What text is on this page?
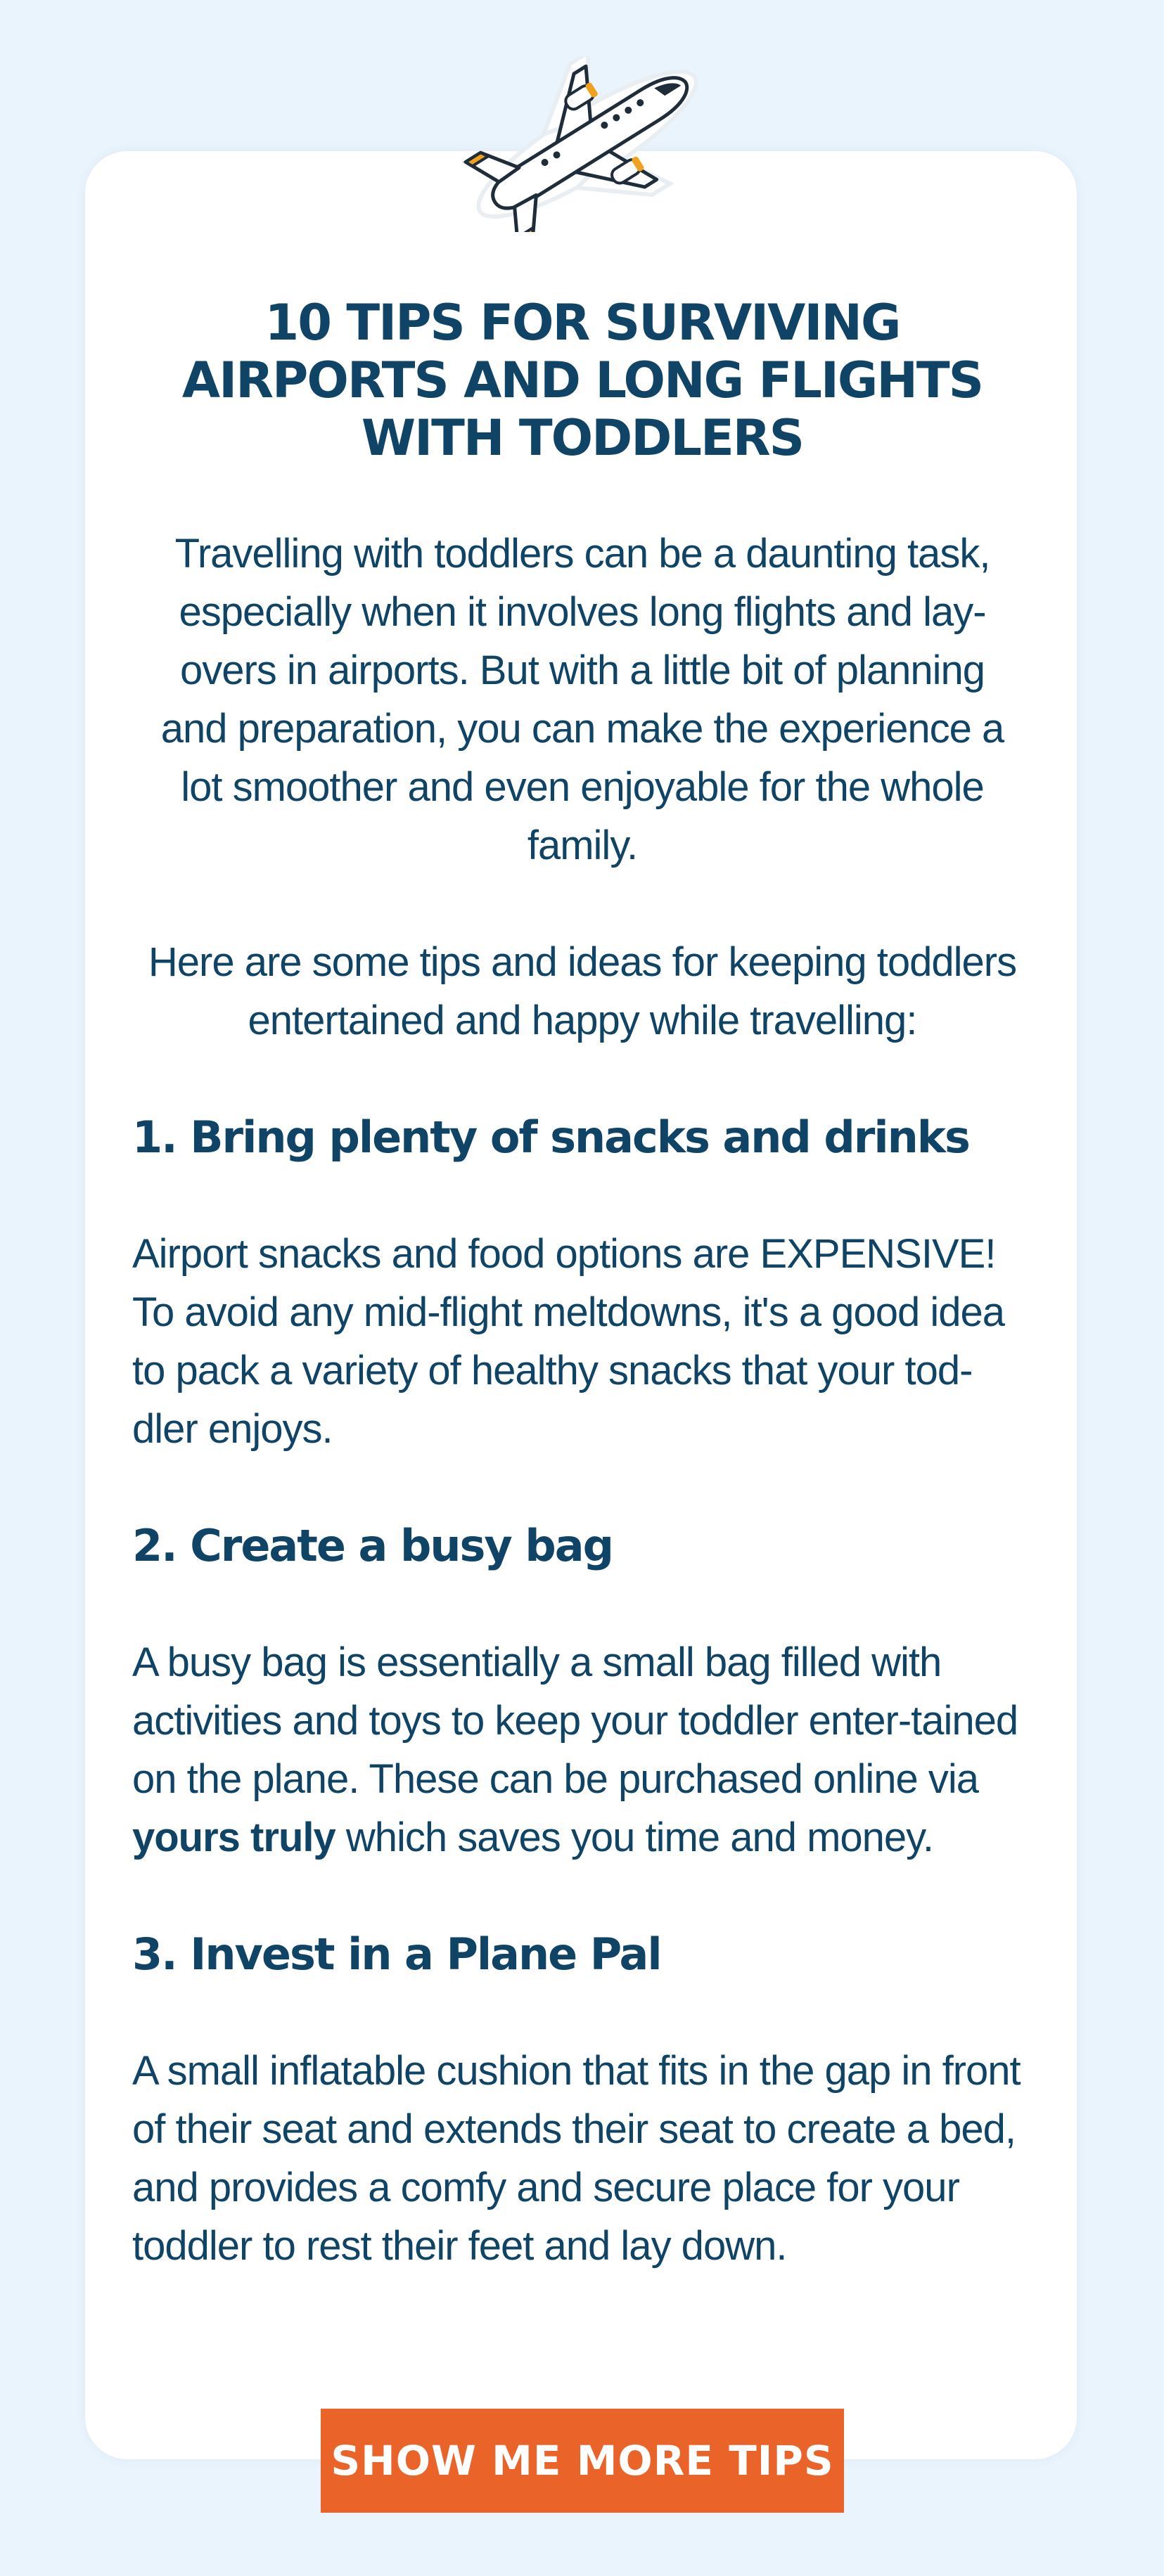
10 TIPS FOR SURVIVING AIRPORTS AND LONG FLIGHTS WITH TODDLERS

Travelling with toddlers can be a daunting task, especially when it involves long flights and lay-overs in airports. But with a little bit of planning and preparation, you can make the experience a lot smoother and even enjoyable for the whole family.

Here are some tips and ideas for keeping toddlers entertained and happy while travelling:

1. Bring plenty of snacks and drinks

Airport snacks and food options are EXPENSIVE! To avoid any mid-flight meltdowns, it's a good idea to pack a variety of healthy snacks that your tod-dler enjoys.

2. Create a busy bag

A busy bag is essentially a small bag filled with activities and toys to keep your toddler enter-tained on the plane. These can be purchased online via yours truly which saves you time and money.

3. Invest in a Plane Pal

A small inflatable cushion that fits in the gap in front of their seat and extends their seat to create a bed, and provides a comfy and secure place for your toddler to rest their feet and lay down.

SHOW ME MORE TIPS
